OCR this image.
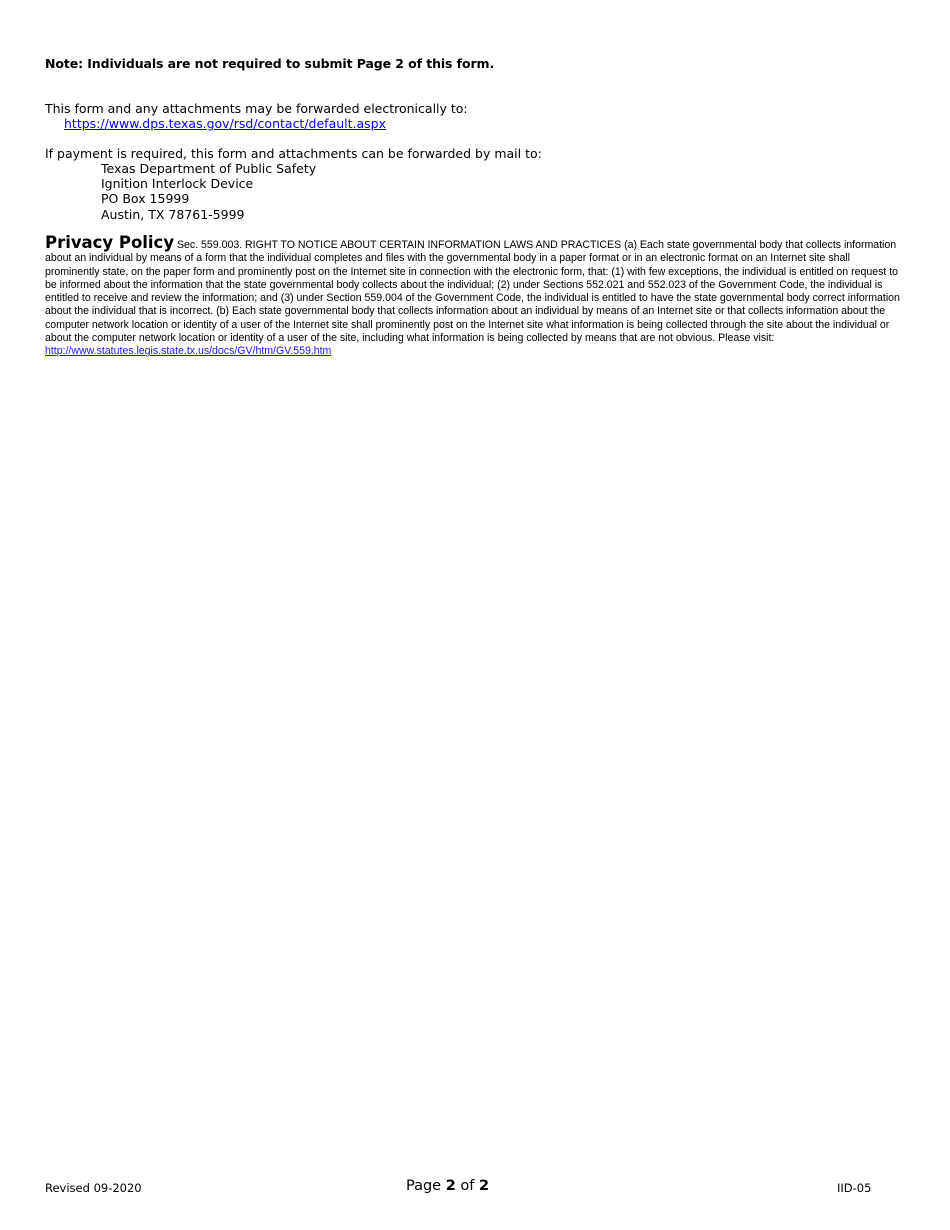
Note: Individuals are not required to submit Page 2 of this form.
This form and any attachments may be forwarded electronically to:
https://www.dps.texas.gov/rsd/contact/default.aspx
If payment is required, this form and attachments can be forwarded by mail to:
Texas Department of Public Safety
Ignition Interlock Device
PO Box 15999
Austin, TX 78761-5999
Privacy Policy Sec. 559.003. RIGHT TO NOTICE ABOUT CERTAIN INFORMATION LAWS AND PRACTICES (a) Each state governmental body that collects information about an individual by means of a form that the individual completes and files with the governmental body in a paper format or in an electronic format on an Internet site shall prominently state, on the paper form and prominently post on the Internet site in connection with the electronic form, that: (1) with few exceptions, the individual is entitled on request to be informed about the information that the state governmental body collects about the individual; (2) under Sections 552.021 and 552.023 of the Government Code, the individual is entitled to receive and review the information; and (3) under Section 559.004 of the Government Code, the individual is entitled to have the state governmental body correct information about the individual that is incorrect. (b) Each state governmental body that collects information about an individual by means of an Internet site or that collects information about the computer network location or identity of a user of the Internet site shall prominently post on the Internet site what information is being collected through the site about the individual or about the computer network location or identity of a user of the site, including what information is being collected by means that are not obvious. Please visit: http://www.statutes.legis.state.tx.us/docs/GV/htm/GV.559.htm
Revised 09-2020	Page 2 of 2	IID-05
